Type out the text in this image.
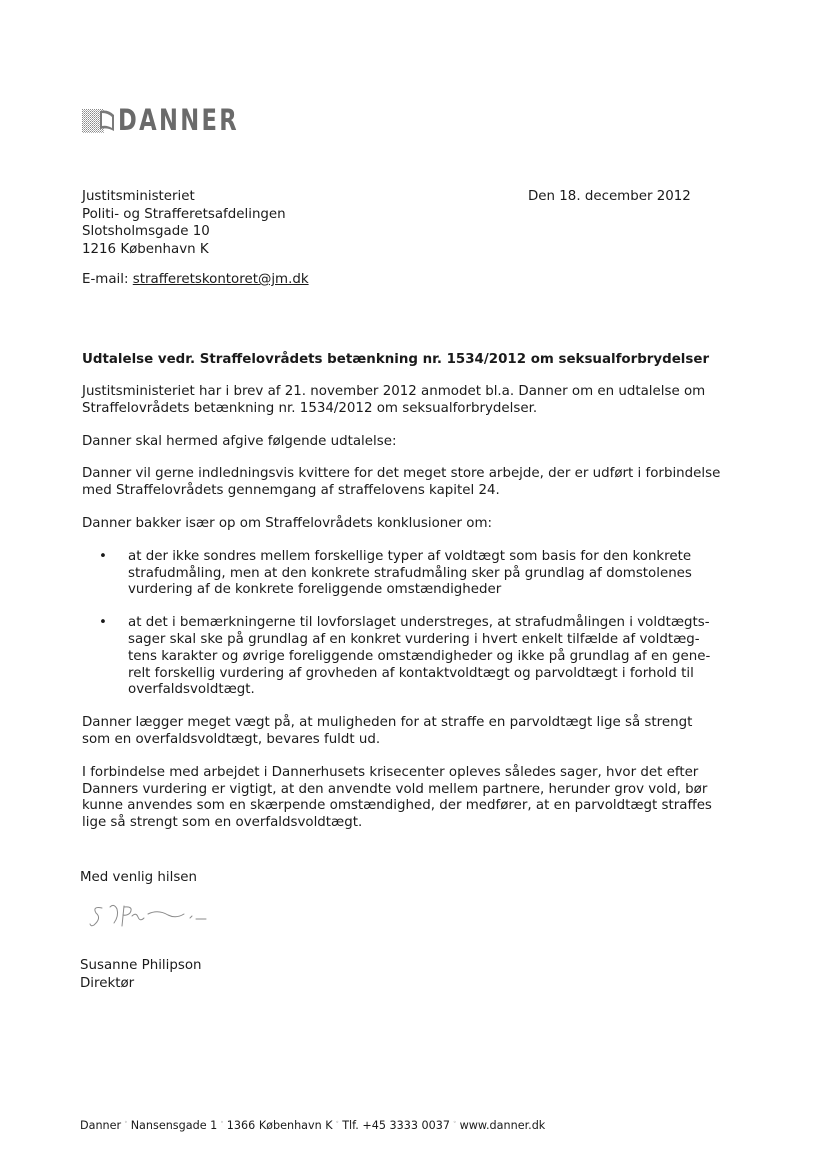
DANNER
Justitsministeriet
Politi- og Strafferetsafdelingen
Slotsholmsgade 10
1216 København K
Den 18. december 2012
E-mail: strafferetskontoret@jm.dk
Udtalelse vedr. Straffelovrådets betænkning nr. 1534/2012 om seksualforbrydelser

Justitsministeriet har i brev af 21. november 2012 anmodet bl.a. Danner om en udtalelse om Straffelovrådets betænkning nr. 1534/2012 om seksualforbrydelser.

Danner skal hermed afgive følgende udtalelse:

Danner vil gerne indledningsvis kvittere for det meget store arbejde, der er udført i forbindelse med Straffelovrådets gennemgang af straffelovens kapitel 24.

Danner bakker især op om Straffelovrådets konklusioner om:

• at der ikke sondres mellem forskellige typer af voldtægt som basis for den konkrete strafudmåling, men at den konkrete strafudmåling sker på grundlag af domstolenes vurdering af de konkrete foreliggende omstændigheder
• at det i bemærkningerne til lovforslaget understreges, at strafudmålingen i voldtægts-sager skal ske på grundlag af en konkret vurdering i hvert enkelt tilfælde af voldtæg-tens karakter og øvrige foreliggende omstændigheder og ikke på grundlag af en gene-relt forskellig vurdering af grovheden af kontaktvoldtægt og parvoldtægt i forhold til overfaldsvoldtægt.

Danner lægger meget vægt på, at muligheden for at straffe en parvoldtægt lige så strengt som en overfaldsvoldtægt, bevares fuldt ud.

I forbindelse med arbejdet i Dannerhusets krisecenter opleves således sager, hvor det efter Danners vurdering er vigtigt, at den anvendte vold mellem partnere, herunder grov vold, bør kunne anvendes som en skærpende omstændighed, der medfører, at en parvoldtægt straffes lige så strengt som en overfaldsvoldtægt.

Med venlig hilsen
Susanne Philipson
Direktør
Danner ◦ Nansensgade 1 ◦ 1366 København K ◦ Tlf. +45 3333 0037 ◦ www.danner.dk
